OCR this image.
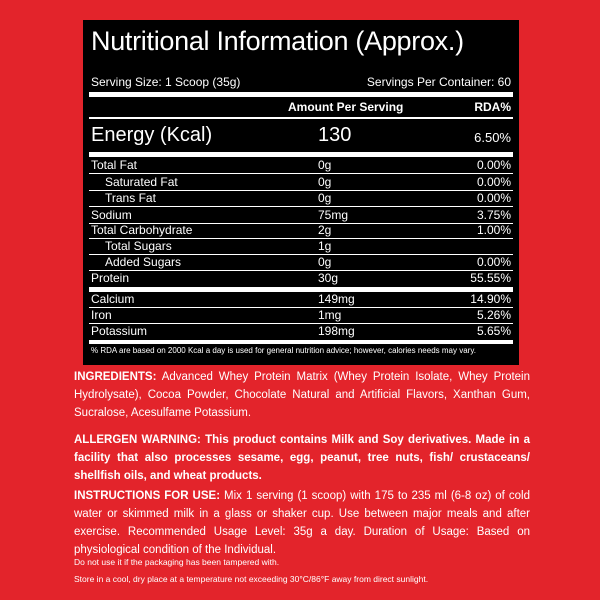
Nutritional Information (Approx.)
Serving Size: 1 Scoop (35g)	Servings Per Container: 60
Amount Per Serving	RDA%
Energy (Kcal)	130	6.50%
Total Fat	0g	0.00%
Saturated Fat	0g	0.00%
Trans Fat	0g	0.00%
Sodium	75mg	3.75%
Total Carbohydrate	2g	1.00%
Total Sugars	1g
Added Sugars	0g	0.00%
Protein	30g	55.55%
Calcium	149mg	14.90%
Iron	1mg	5.26%
Potassium	198mg	5.65%
% RDA are based on 2000 Kcal a day is used for general nutrition advice; however, calories needs may vary.
INGREDIENTS: Advanced Whey Protein Matrix (Whey Protein Isolate, Whey Protein Hydrolysate), Cocoa Powder, Chocolate Natural and Artificial Flavors, Xanthan Gum, Sucralose, Acesulfame Potassium.
ALLERGEN WARNING: This product contains Milk and Soy derivatives. Made in a facility that also processes sesame, egg, peanut, tree nuts, fish/ crustaceans/ shellfish oils, and wheat products.
INSTRUCTIONS FOR USE: Mix 1 serving (1 scoop) with 175 to 235 ml (6-8 oz) of cold water or skimmed milk in a glass or shaker cup. Use between major meals and after exercise. Recommended Usage Level: 35g a day. Duration of Usage: Based on physiological condition of the Individual.
Do not use it if the packaging has been tampered with.
Store in a cool, dry place at a temperature not exceeding 30°C/86°F away from direct sunlight.
